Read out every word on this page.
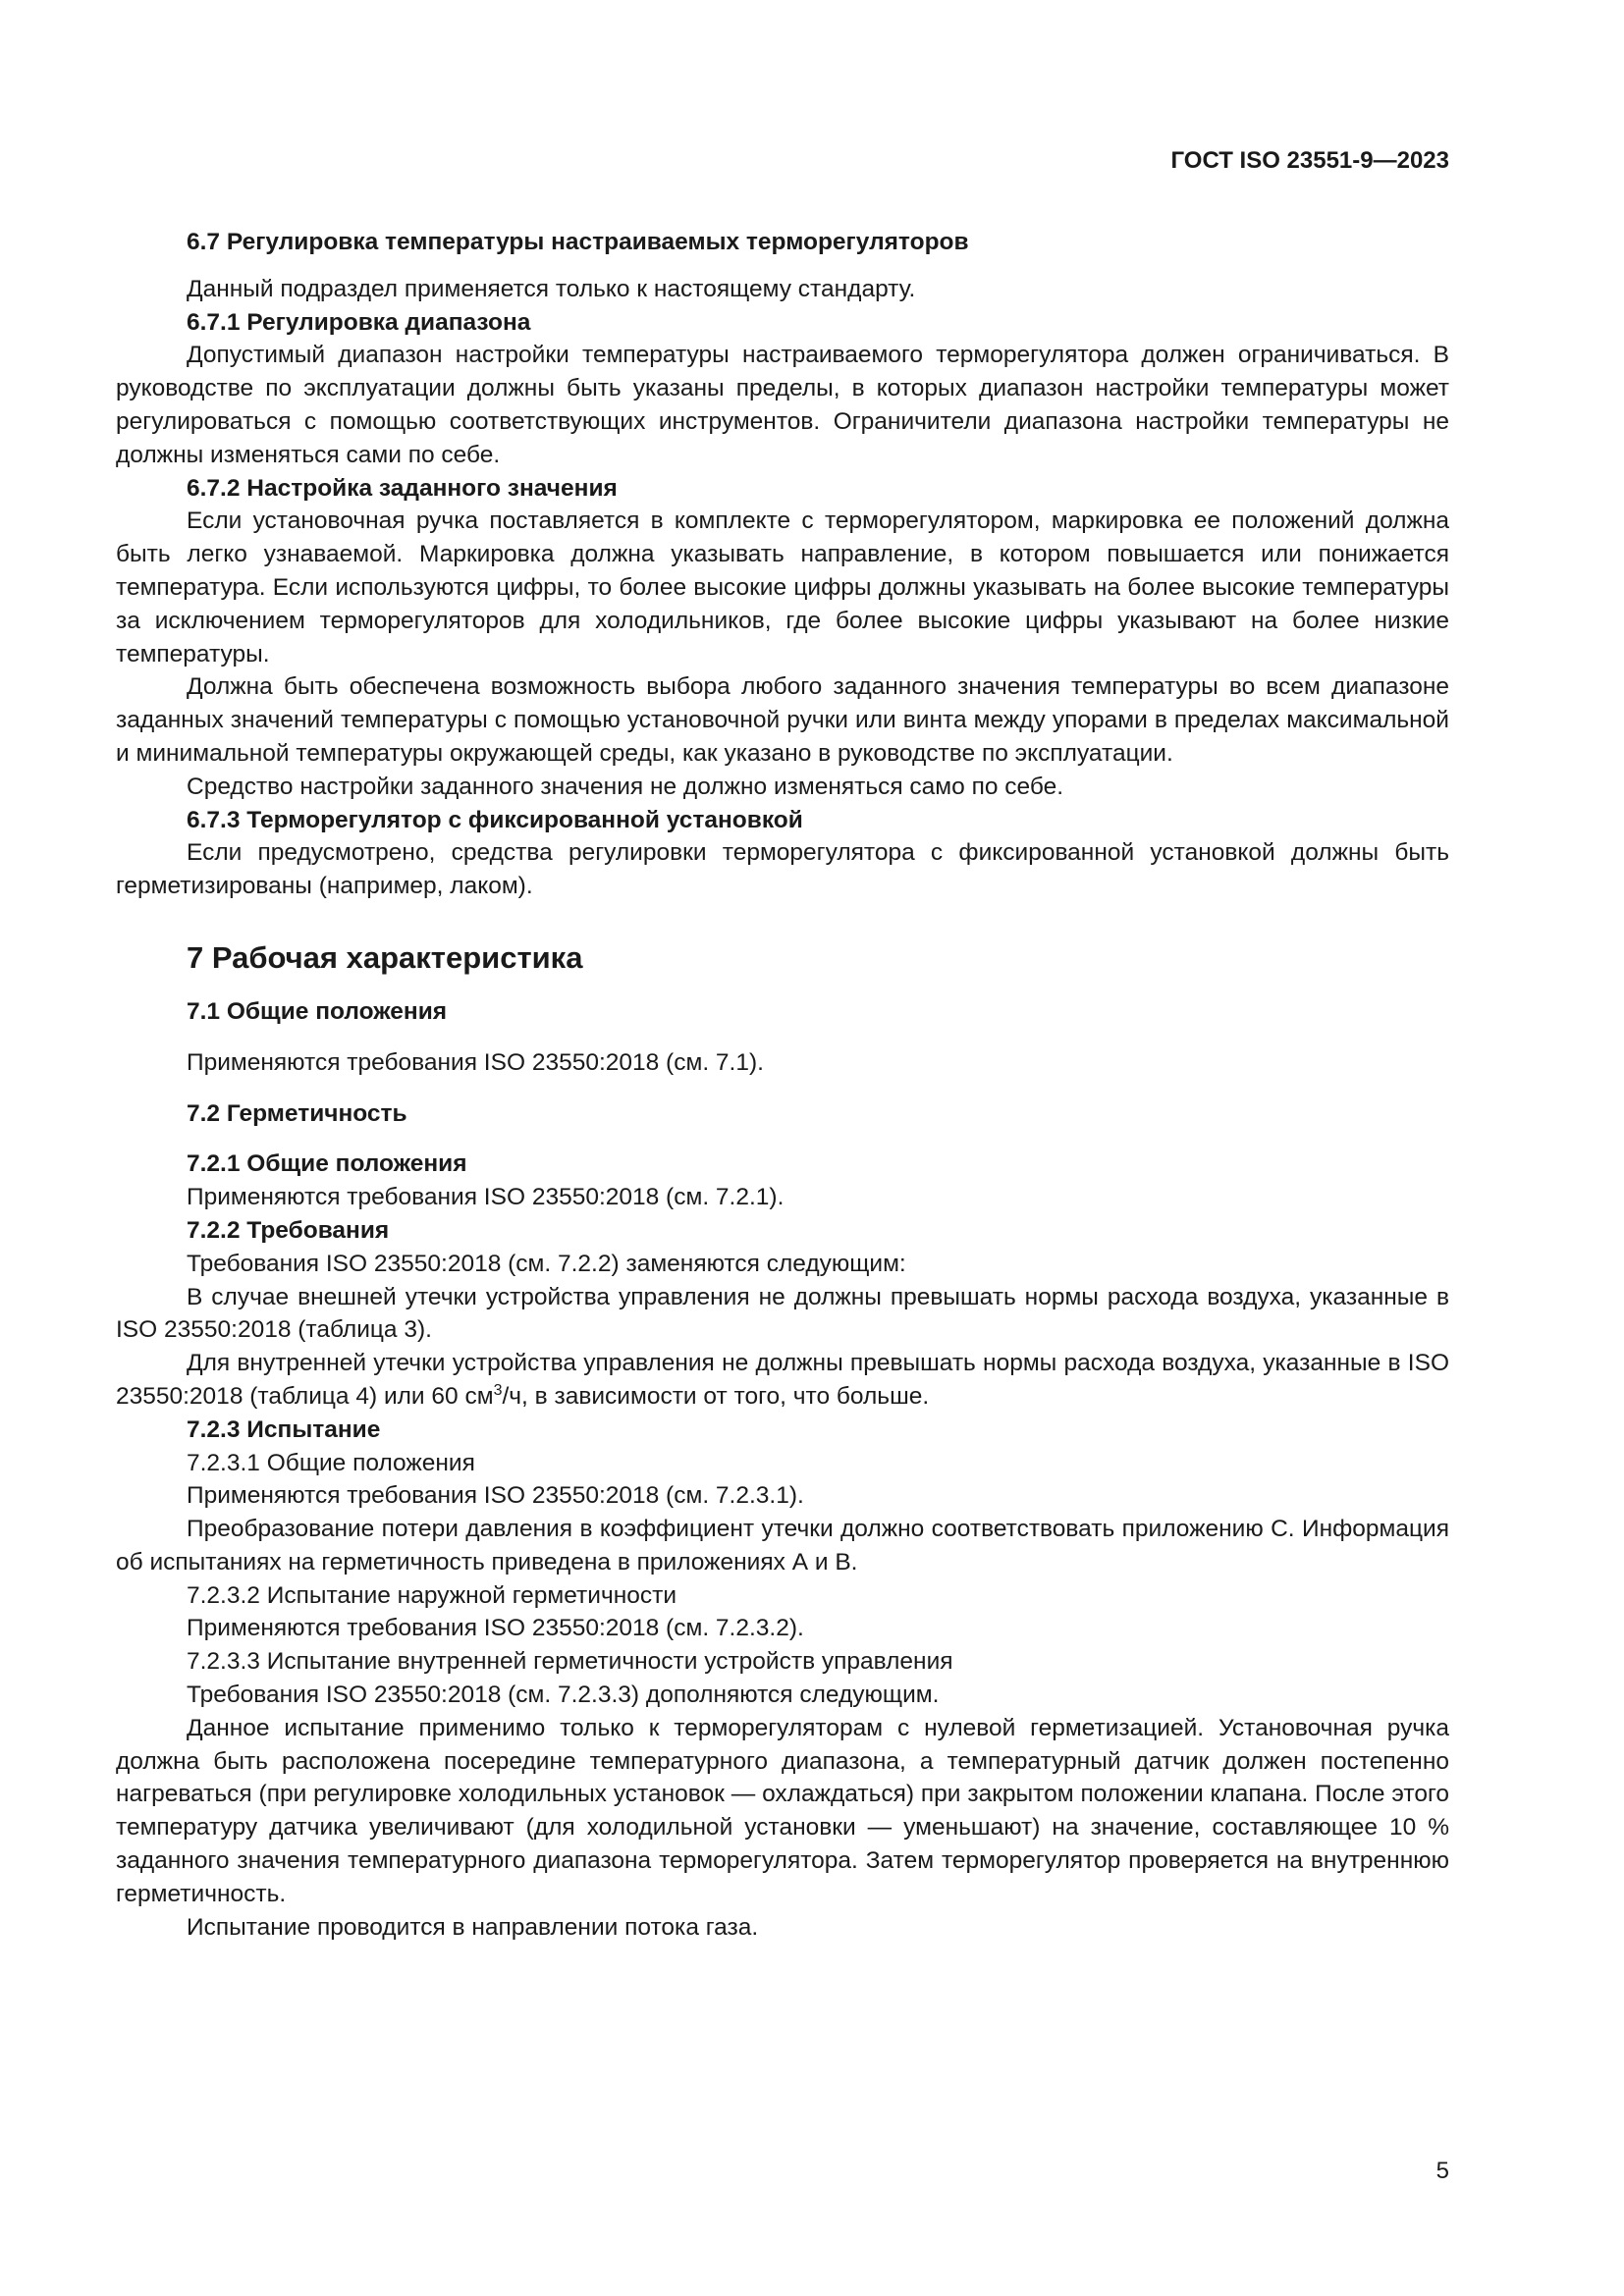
ГОСТ ISO 23551-9—2023

6.7 Регулировка температуры настраиваемых терморегуляторов

Данный подраздел применяется только к настоящему стандарту.

6.7.1 Регулировка диапазона

Допустимый диапазон настройки температуры настраиваемого терморегулятора должен ограничиваться. В руководстве по эксплуатации должны быть указаны пределы, в которых диапазон настройки температуры может регулироваться с помощью соответствующих инструментов. Ограничители диапазона настройки температуры не должны изменяться сами по себе.

6.7.2 Настройка заданного значения

Если установочная ручка поставляется в комплекте с терморегулятором, маркировка ее положений должна быть легко узнаваемой. Маркировка должна указывать направление, в котором повышается или понижается температура. Если используются цифры, то более высокие цифры должны указывать на более высокие температуры за исключением терморегуляторов для холодильников, где более высокие цифры указывают на более низкие температуры.

Должна быть обеспечена возможность выбора любого заданного значения температуры во всем диапазоне заданных значений температуры с помощью установочной ручки или винта между упорами в пределах максимальной и минимальной температуры окружающей среды, как указано в руководстве по эксплуатации.

Средство настройки заданного значения не должно изменяться само по себе.

6.7.3 Терморегулятор с фиксированной установкой

Если предусмотрено, средства регулировки терморегулятора с фиксированной установкой должны быть герметизированы (например, лаком).

7 Рабочая характеристика

7.1 Общие положения

Применяются требования ISO 23550:2018 (см. 7.1).

7.2 Герметичность

7.2.1 Общие положения

Применяются требования ISO 23550:2018 (см. 7.2.1).

7.2.2 Требования

Требования ISO 23550:2018 (см. 7.2.2) заменяются следующим:

В случае внешней утечки устройства управления не должны превышать нормы расхода воздуха, указанные в ISO 23550:2018 (таблица 3).

Для внутренней утечки устройства управления не должны превышать нормы расхода воздуха, указанные в ISO 23550:2018 (таблица 4) или 60 $см^3/ч$, в зависимости от того, что больше.

7.2.3 Испытание

7.2.3.1 Общие положения

Применяются требования ISO 23550:2018 (см. 7.2.3.1).

Преобразование потери давления в коэффициент утечки должно соответствовать приложению С. Информация об испытаниях на герметичность приведена в приложениях А и В.

7.2.3.2 Испытание наружной герметичности

Применяются требования ISO 23550:2018 (см. 7.2.3.2).

7.2.3.3 Испытание внутренней герметичности устройств управления

Требования ISO 23550:2018 (см. 7.2.3.3) дополняются следующим.

Данное испытание применимо только к терморегуляторам с нулевой герметизацией. Установочная ручка должна быть расположена посередине температурного диапазона, а температурный датчик должен постепенно нагреваться (при регулировке холодильных установок — охлаждаться) при закрытом положении клапана. После этого температуру датчика увеличивают (для холодильной установки — уменьшают) на значение, составляющее 10 % заданного значения температурного диапазона терморегулятора. Затем терморегулятор проверяется на внутреннюю герметичность.

Испытание проводится в направлении потока газа.

5
